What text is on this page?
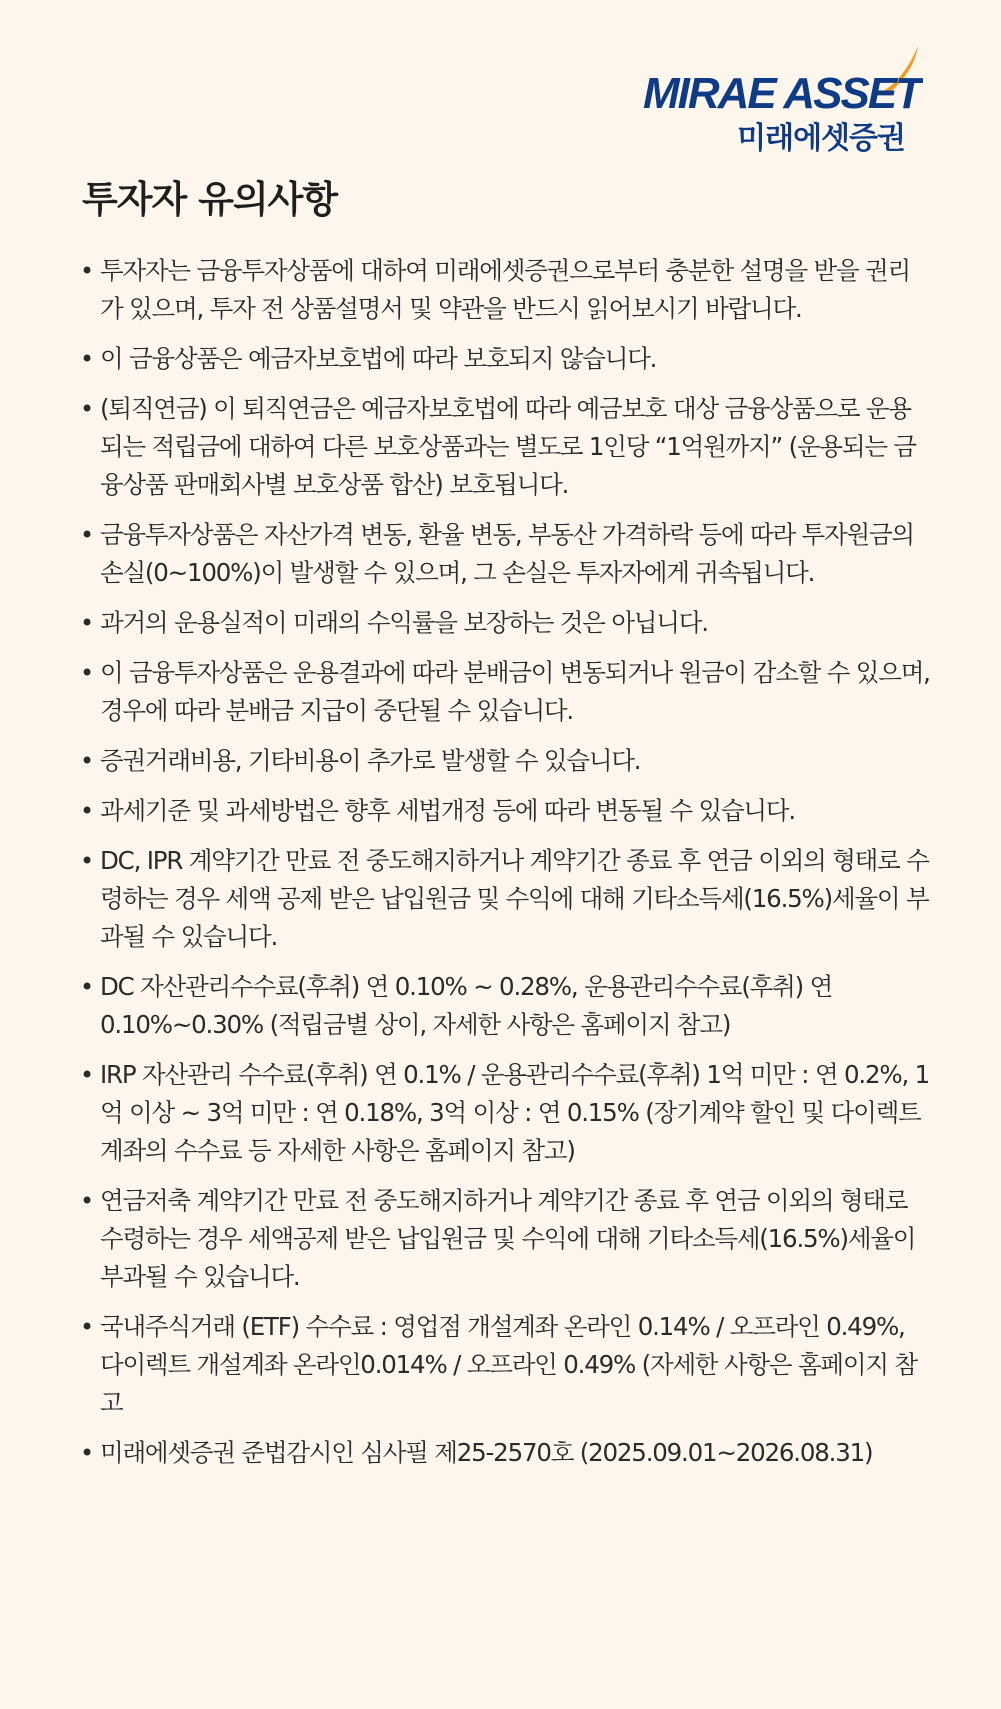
MIRAE ASSET
미래에셋증권
투자자 유의사항
• 투자자는 금융투자상품에 대하여 미래에셋증권으로부터 충분한 설명을 받을 권리가 있으며, 투자 전 상품설명서 및 약관을 반드시 읽어보시기 바랍니다.
• 이 금융상품은 예금자보호법에 따라 보호되지 않습니다.
• (퇴직연금) 이 퇴직연금은 예금자보호법에 따라 예금보호 대상 금융상품으로 운용되는 적립금에 대하여 다른 보호상품과는 별도로 1인당 “1억원까지” (운용되는 금융상품 판매회사별 보호상품 합산) 보호됩니다.
• 금융투자상품은 자산가격 변동, 환율 변동, 부동산 가격하락 등에 따라 투자원금의 손실(0~100%)이 발생할 수 있으며, 그 손실은 투자자에게 귀속됩니다.
• 과거의 운용실적이 미래의 수익률을 보장하는 것은 아닙니다.
• 이 금융투자상품은 운용결과에 따라 분배금이 변동되거나 원금이 감소할 수 있으며, 경우에 따라 분배금 지급이 중단될 수 있습니다.
• 증권거래비용, 기타비용이 추가로 발생할 수 있습니다.
• 과세기준 및 과세방법은 향후 세법개정 등에 따라 변동될 수 있습니다.
• DC, IPR 계약기간 만료 전 중도해지하거나 계약기간 종료 후 연금 이외의 형태로 수령하는 경우 세액 공제 받은 납입원금 및 수익에 대해 기타소득세(16.5%)세율이 부과될 수 있습니다.
• DC 자산관리수수료(후취) 연 0.10% ~ 0.28%, 운용관리수수료(후취) 연 0.10%~0.30% (적립금별 상이, 자세한 사항은 홈페이지 참고)
• IRP 자산관리 수수료(후취) 연 0.1% / 운용관리수수료(후취) 1억 미만 : 연 0.2%, 1억 이상 ~ 3억 미만 : 연 0.18%, 3억 이상 : 연 0.15% (장기계약 할인 및 다이렉트계좌의 수수료 등 자세한 사항은 홈페이지 참고)
• 연금저축 계약기간 만료 전 중도해지하거나 계약기간 종료 후 연금 이외의 형태로 수령하는 경우 세액공제 받은 납입원금 및 수익에 대해 기타소득세(16.5%)세율이 부과될 수 있습니다.
• 국내주식거래 (ETF) 수수료 : 영업점 개설계좌 온라인 0.14% / 오프라인 0.49%, 다이렉트 개설계좌 온라인0.014% / 오프라인 0.49% (자세한 사항은 홈페이지 참고
• 미래에셋증권 준법감시인 심사필 제25-2570호 (2025.09.01~2026.08.31)
